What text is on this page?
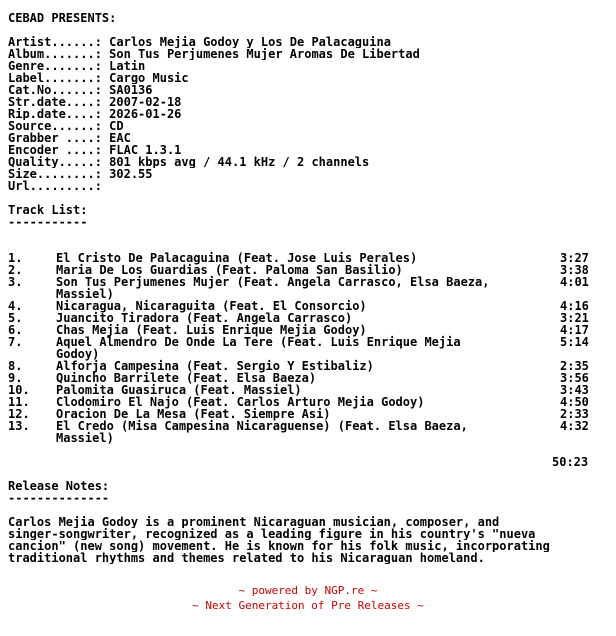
CEBAD PRESENTS:
Artist......: Carlos Mejia Godoy y Los De Palacaguina
Album.......: Son Tus Perjumenes Mujer Aromas De Libertad
Genre.......: Latin
Label.......: Cargo Music
Cat.No......: SA0136
Str.date....: 2007-02-18
Rip.date....: 2026-01-26
Source......: CD
Grabber ....: EAC
Encoder ....: FLAC 1.3.1
Quality.....: 801 kbps avg / 44.1 kHz / 2 channels
Size........: 302.55
Url.........:
Track List:
-----------
1.	El Cristo De Palacaguina (Feat. Jose Luis Perales)	3:27
2.	Maria De Los Guardias (Feat. Paloma San Basilio)	3:38
3.	Son Tus Perjumenes Mujer (Feat. Angela Carrasco, Elsa Baeza,	4:01
Massiel)
4.	Nicaragua, Nicaraguita (Feat. El Consorcio)	4:16
5.	Juancito Tiradora (Feat. Angela Carrasco)	3:21
6.	Chas Mejia (Feat. Luis Enrique Mejia Godoy)	4:17
7.	Aquel Almendro De Onde La Tere (Feat. Luis Enrique Mejia	5:14
Godoy)
8.	Alforja Campesina (Feat. Sergio Y Estibaliz)	2:35
9.	Quincho Barrilete (Feat. Elsa Baeza)	3:56
10. Palomita Guasiruca (Feat. Massiel)	3:43
11. Clodomiro El Najo (Feat. Carlos Arturo Mejia Godoy)	4:50
12. Oracion De La Mesa (Feat. Siempre Asi)	2:33
13. El Credo (Misa Campesina Nicaraguense) (Feat. Elsa Baeza,	4:32
Massiel)
50:23
Release Notes:
--------------
Carlos Mejia Godoy is a prominent Nicaraguan musician, composer, and
singer-songwriter, recognized as a leading figure in his country's "nueva
cancion" (new song) movement. He is known for his folk music, incorporating
traditional rhythms and themes related to his Nicaraguan homeland.
~ powered by NGP.re ~
~ Next Generation of Pre Releases ~
